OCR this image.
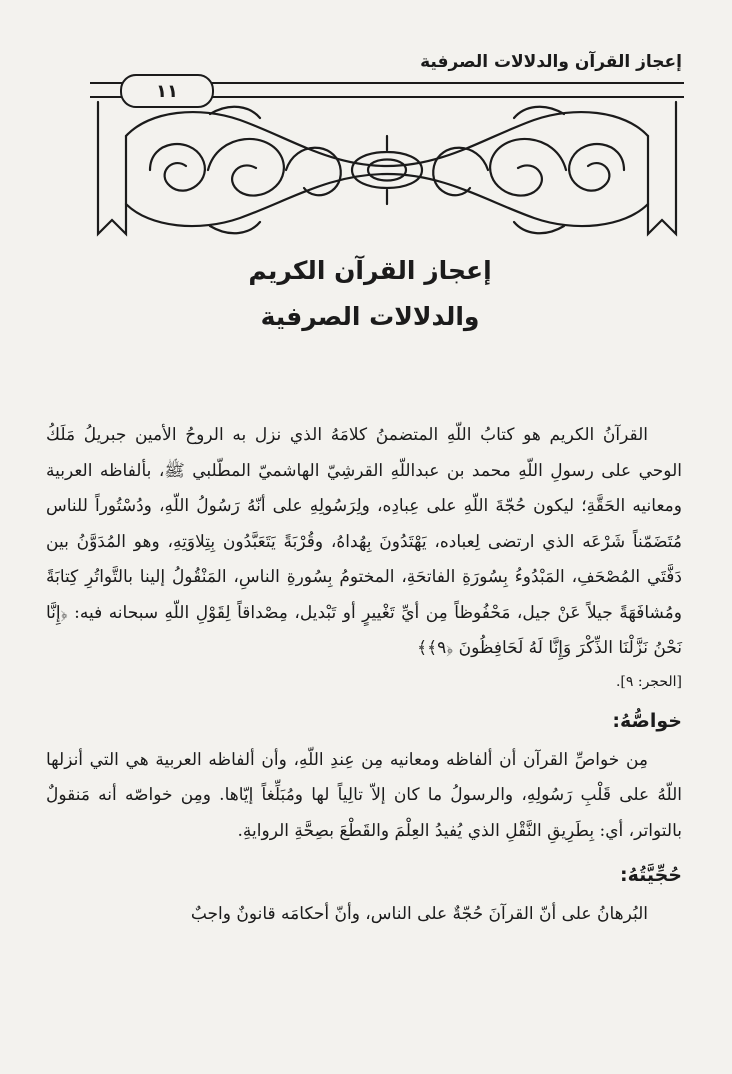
إعجاز القرآن والدلالات الصرفية
١١
إعجاز القرآن الكريم
والدلالات الصرفية

القرآنُ الكريم هو كتابُ اللّهِ المتضمنُ كلامَهُ الذي نزل به الروحُ الأمين جبريلُ مَلَكُ الوحي على رسولِ اللّهِ محمد بن عبداللّهِ القرشِيّ الهاشميّ المطّلبي ﷺ، بألفاظه العربية ومعانيه الحَقَّةِ؛ ليكون حُجّةَ اللّهِ على عِبادِه، ولِرَسُولِهِ على أنّهُ رَسُولُ اللّهِ، ودُسْتُوراً للناس مُتَضَمّناً شَرْعَه الذي ارتضى لِعباده، يَهْتَدُونَ بِهُداهُ، وقُرْبَةً يَتَعَبَّدُون بِتِلاوَتِهِ، وهو المُدَوَّنُ بين دَفَّتَي المُصْحَفِ، المَبْدُوءُ بِسُورَةِ الفاتحَةِ، المختومُ بِسُورةِ الناسِ، المَنْقُولُ إلينا بالتَّواتُرِ كِتابَةً ومُشافَهَةً جيلاً عَنْ جيل، مَحْفُوظاً مِن أيِّ تَغْييرٍ أو تَبْديل، مِصْداقاً لِقَوْلِ اللّهِ سبحانه فيه: ﴿إِنَّا نَحْنُ نَزَّلْنَا الذِّكْرَ وَإِنَّا لَهُ لَحَافِظُونَ ﴿٩﴾﴾

[الحجر: ٩].
خواصُّهُ:

مِن خواصِّ القرآن أن ألفاظه ومعانيه مِن عِندِ اللّهِ، وأن ألفاظه العربية هي التي أنزلها اللّهُ على قَلْبِ رَسُولِهِ، والرسولُ ما كان إلاّ تالِياً لها ومُبَلِّغاً إيّاها. ومِن خواصّه أنه مَنقولٌ بالتواتر، أي: بِطَرِيقِ النَّقْلِ الذي يُفيدُ العِلْمَ والقَطْعَ بصِحَّةِ الروايةِ.

حُجِّيَّتُهُ:

البُرهانُ على أنّ القرآنَ حُجّةٌ على الناس، وأنّ أحكامَه قانونٌ واجبٌ
